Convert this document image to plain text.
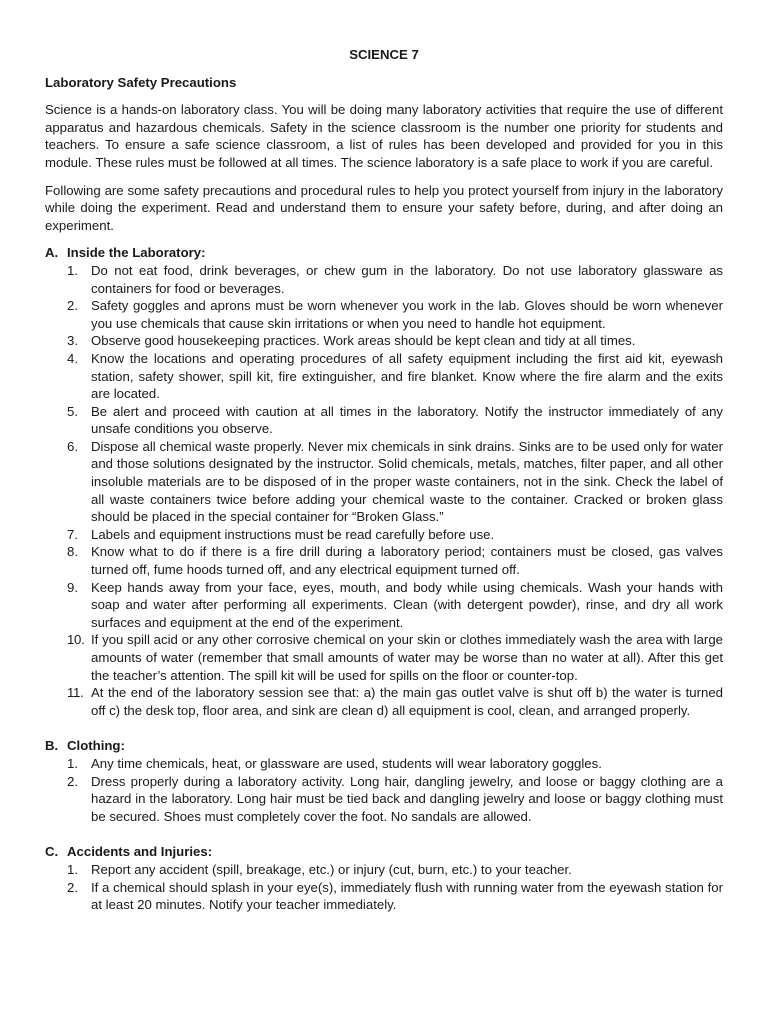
SCIENCE 7
Laboratory Safety Precautions

Science is a hands-on laboratory class. You will be doing many laboratory activities that require the use of different apparatus and hazardous chemicals. Safety in the science classroom is the number one priority for students and teachers. To ensure a safe science classroom, a list of rules has been developed and provided for you in this module. These rules must be followed at all times. The science laboratory is a safe place to work if you are careful.

Following are some safety precautions and procedural rules to help you protect yourself from injury in the laboratory while doing the experiment. Read and understand them to ensure your safety before, during, and after doing an experiment.

A. Inside the Laboratory:
1. Do not eat food, drink beverages, or chew gum in the laboratory. Do not use laboratory glassware as containers for food or beverages.
2. Safety goggles and aprons must be worn whenever you work in the lab. Gloves should be worn whenever you use chemicals that cause skin irritations or when you need to handle hot equipment.
3. Observe good housekeeping practices. Work areas should be kept clean and tidy at all times.
4. Know the locations and operating procedures of all safety equipment including the first aid kit, eyewash station, safety shower, spill kit, fire extinguisher, and fire blanket. Know where the fire alarm and the exits are located.
5. Be alert and proceed with caution at all times in the laboratory. Notify the instructor immediately of any unsafe conditions you observe.
6. Dispose all chemical waste properly. Never mix chemicals in sink drains. Sinks are to be used only for water and those solutions designated by the instructor. Solid chemicals, metals, matches, filter paper, and all other insoluble materials are to be disposed of in the proper waste containers, not in the sink. Check the label of all waste containers twice before adding your chemical waste to the container. Cracked or broken glass should be placed in the special container for “Broken Glass.”
7. Labels and equipment instructions must be read carefully before use.
8. Know what to do if there is a fire drill during a laboratory period; containers must be closed, gas valves turned off, fume hoods turned off, and any electrical equipment turned off.
9. Keep hands away from your face, eyes, mouth, and body while using chemicals. Wash your hands with soap and water after performing all experiments. Clean (with detergent powder), rinse, and dry all work surfaces and equipment at the end of the experiment.
10. If you spill acid or any other corrosive chemical on your skin or clothes immediately wash the area with large amounts of water (remember that small amounts of water may be worse than no water at all). After this get the teacher’s attention. The spill kit will be used for spills on the floor or counter-top.
11. At the end of the laboratory session see that: a) the main gas outlet valve is shut off b) the water is turned off c) the desk top, floor area, and sink are clean d) all equipment is cool, clean, and arranged properly.
B. Clothing:
1. Any time chemicals, heat, or glassware are used, students will wear laboratory goggles.
2. Dress properly during a laboratory activity. Long hair, dangling jewelry, and loose or baggy clothing are a hazard in the laboratory. Long hair must be tied back and dangling jewelry and loose or baggy clothing must be secured. Shoes must completely cover the foot. No sandals are allowed.
C. Accidents and Injuries:
1. Report any accident (spill, breakage, etc.) or injury (cut, burn, etc.) to your teacher.
2. If a chemical should splash in your eye(s), immediately flush with running water from the eyewash station for at least 20 minutes. Notify your teacher immediately.
